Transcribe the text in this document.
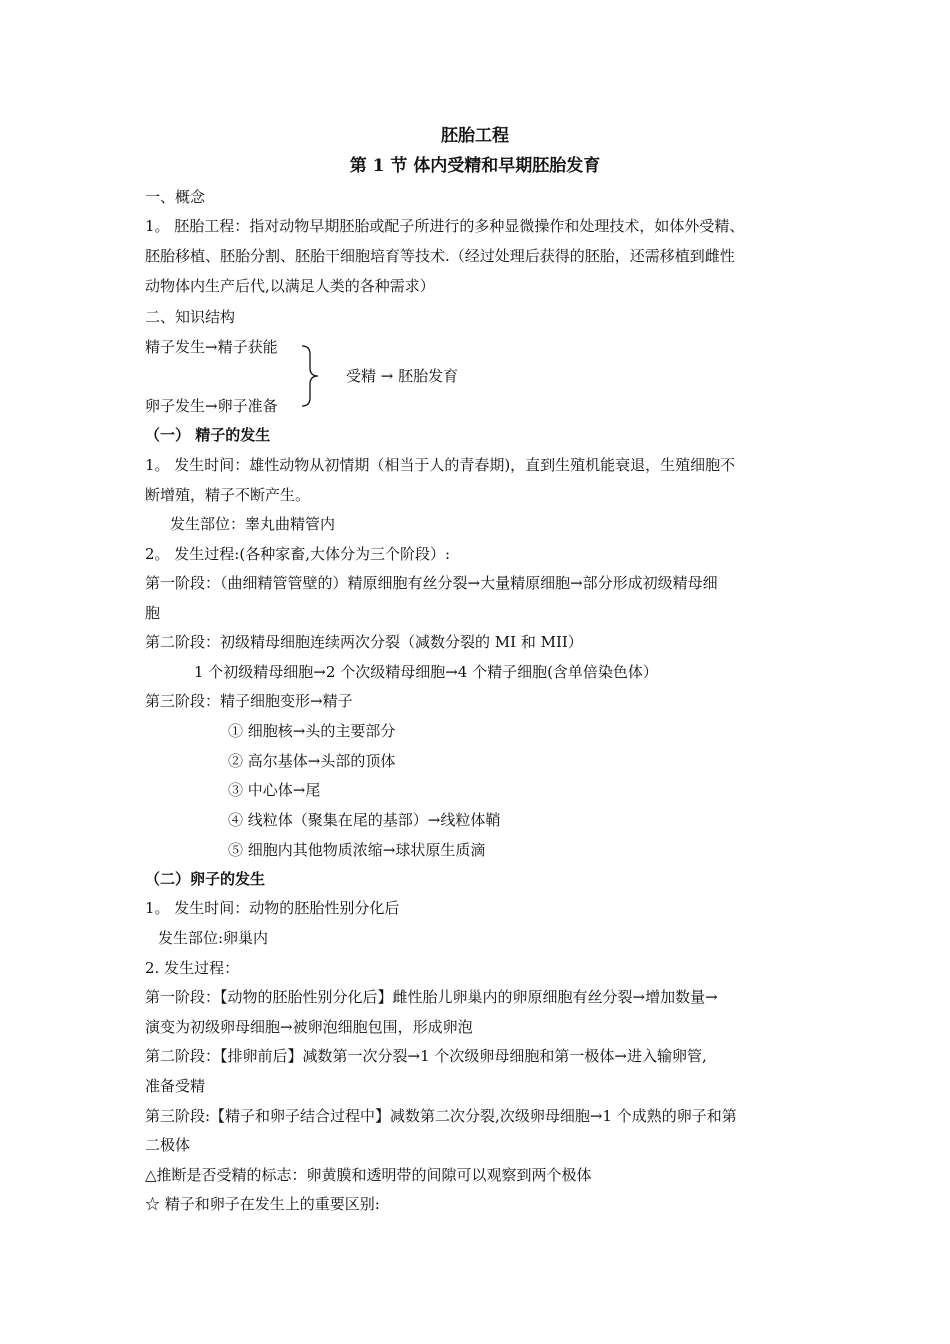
胚胎工程
第 1 节 体内受精和早期胚胎发育
一、概念
1。 胚胎工程：指对动物早期胚胎或配子所进行的多种显微操作和处理技术，如体外受精、
胚胎移植、胚胎分割、胚胎干细胞培育等技术.（经过处理后获得的胚胎，还需移植到雌性
动物体内生产后代,以满足人类的各种需求）
二、知识结构
精子发生→精子获能
受精 → 胚胎发育
卵子发生→卵子准备
（一） 精子的发生
1。 发生时间：雄性动物从初情期（相当于人的青春期)，直到生殖机能衰退，生殖细胞不
断增殖，精子不断产生。
发生部位：睾丸曲精管内
2。 发生过程:(各种家畜,大体分为三个阶段）:
第一阶段：（曲细精管管壁的）精原细胞有丝分裂→大量精原细胞→部分形成初级精母细
胞
第二阶段：初级精母细胞连续两次分裂（减数分裂的 MI 和 MII）
1 个初级精母细胞→2 个次级精母细胞→4 个精子细胞(含单倍染色体）
第三阶段：精子细胞变形→精子
① 细胞核→头的主要部分
② 高尔基体→头部的顶体
③ 中心体→尾
④ 线粒体（聚集在尾的基部）→线粒体鞘
⑤ 细胞内其他物质浓缩→球状原生质滴
（二）卵子的发生
1。 发生时间：动物的胚胎性别分化后
发生部位:卵巢内
2. 发生过程：
第一阶段：【动物的胚胎性别分化后】雌性胎儿卵巢内的卵原细胞有丝分裂→增加数量→
演变为初级卵母细胞→被卵泡细胞包围，形成卵泡
第二阶段：【排卵前后】减数第一次分裂→1 个次级卵母细胞和第一极体→进入输卵管,
准备受精
第三阶段:【精子和卵子结合过程中】减数第二次分裂,次级卵母细胞→1 个成熟的卵子和第
二极体
△推断是否受精的标志：卵黄膜和透明带的间隙可以观察到两个极体
☆ 精子和卵子在发生上的重要区别:
